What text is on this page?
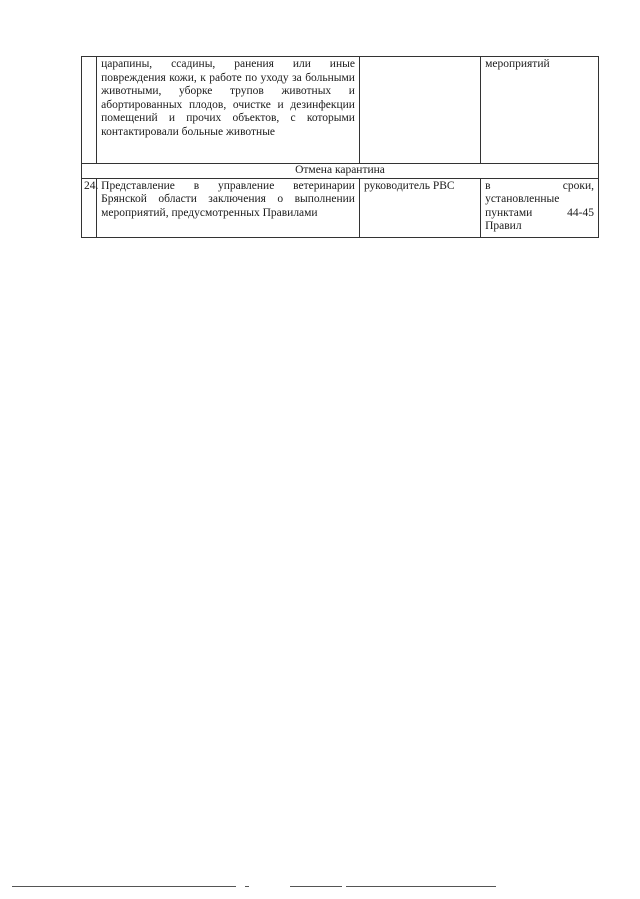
	царапины, ссадины, ранения или иные повреждения кожи, к работе по уходу за больными животными, уборке трупов животных и абортированных плодов, очистке и дезинфекции помещений и прочих объектов, с которыми контактировали больные животные		мероприятий
Отмена карантина			
24.	Представление в управление ветеринарии Брянской области заключения о выполнении мероприятий, предусмотренных Правилами	руководитель РВС	в сроки, установленные пунктами 44-45 Правил
